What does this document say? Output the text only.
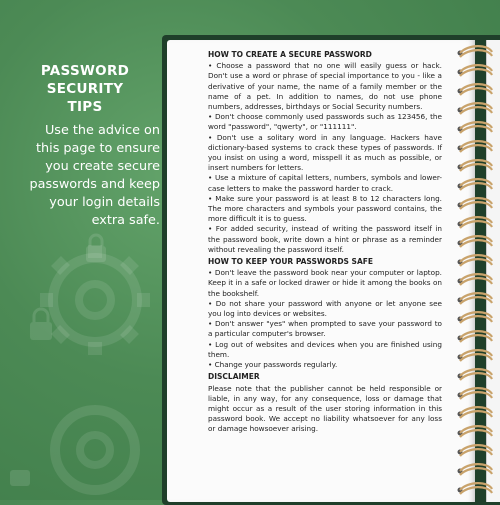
PASSWORD
SECURITY
TIPS
Use the advice on
this page to ensure
you create secure
passwords and keep
your login details
extra safe.
HOW TO CREATE A SECURE PASSWORD
• Choose a password that no one will easily guess or hack. Don't use a word or phrase of special importance to you - like a derivative of your name, the name of a family member or the name of a pet. In addition to names, do not use phone numbers, addresses, birthdays or Social Security numbers.
• Don't choose commonly used passwords such as 123456, the word "password", "qwerty", or "111111".
• Don't use a solitary word in any language. Hackers have dictionary-based systems to crack these types of passwords. If you insist on using a word, misspell it as much as possible, or insert numbers for letters.
• Use a mixture of capital letters, numbers, symbols and lower-case letters to make the password harder to crack.
• Make sure your password is at least 8 to 12 characters long. The more characters and symbols your password contains, the more difficult it is to guess.
• For added security, instead of writing the password itself in the password book, write down a hint or phrase as a reminder without revealing the password itself.
HOW TO KEEP YOUR PASSWORDS SAFE
• Don't leave the password book near your computer or laptop. Keep it in a safe or locked drawer or hide it among the books on the bookshelf.
• Do not share your password with anyone or let anyone see you log into devices or websites.
• Don't answer "yes" when prompted to save your password to a particular computer's browser.
• Log out of websites and devices when you are finished using them.
• Change your passwords regularly.
DISCLAIMER
Please note that the publisher cannot be held responsible or liable, in any way, for any consequence, loss or damage that might occur as a result of the user storing information in this password book. We accept no liability whatsoever for any loss or damage howsoever arising.
